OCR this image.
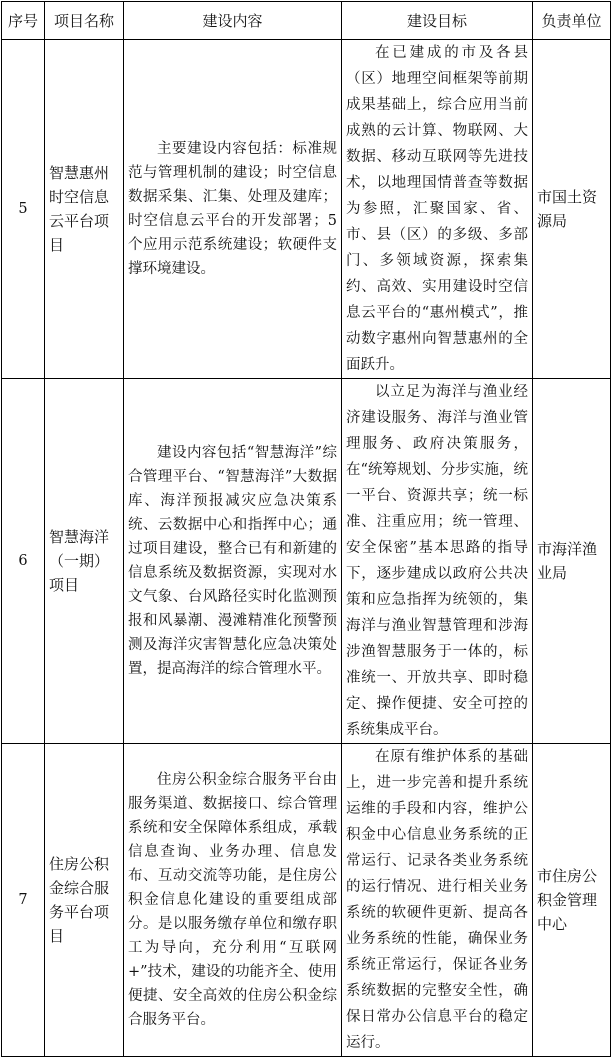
序号	项目名称	建设内容	建设目标	负责单位
5	智慧惠州时空信息云平台项目	主要建设内容包括：标准规范与管理机制的建设；时空信息数据采集、汇集、处理及建库；时空信息云平台的开发部署；5个应用示范系统建设；软硬件支撑环境建设。	在已建成的市及各县（区）地理空间框架等前期成果基础上，综合应用当前成熟的云计算、物联网、大数据、移动互联网等先进技术，以地理国情普查等数据为参照，汇聚国家、省、市、县（区）的多级、多部门、多领域资源，探索集约、高效、实用建设时空信息云平台的“惠州模式”，推动数字惠州向智慧惠州的全面跃升。	市国土资源局
6	智慧海洋（一期）项目	建设内容包括“智慧海洋”综合管理平台、“智慧海洋”大数据库、海洋预报减灾应急决策系统、云数据中心和指挥中心；通过项目建设，整合已有和新建的信息系统及数据资源，实现对水文气象、台风路径实时化监测预报和风暴潮、漫滩精准化预警预测及海洋灾害智慧化应急决策处置，提高海洋的综合管理水平。	以立足为海洋与渔业经济建设服务、海洋与渔业管理服务、政府决策服务，在“统筹规划、分步实施，统一平台、资源共享；统一标准、注重应用；统一管理、安全保密”基本思路的指导下，逐步建成以政府公共决策和应急指挥为统领的，集海洋与渔业智慧管理和涉海涉渔智慧服务于一体的，标准统一、开放共享、即时稳定、操作便捷、安全可控的系统集成平台。	市海洋渔业局
7	住房公积金综合服务平台项目	住房公积金综合服务平台由服务渠道、数据接口、综合管理系统和安全保障体系组成，承载信息查询、业务办理、信息发布、互动交流等功能，是住房公积金信息化建设的重要组成部分。是以服务缴存单位和缴存职工为导向，充分利用“互联网+”技术，建设的功能齐全、使用便捷、安全高效的住房公积金综合服务平台。	在原有维护体系的基础上，进一步完善和提升系统运维的手段和内容，维护公积金中心信息业务系统的正常运行、记录各类业务系统的运行情况、进行相关业务系统的软硬件更新、提高各业务系统的性能，确保业务系统正常运行，保证各业务系统数据的完整安全性，确保日常办公信息平台的稳定运行。	市住房公积金管理中心
